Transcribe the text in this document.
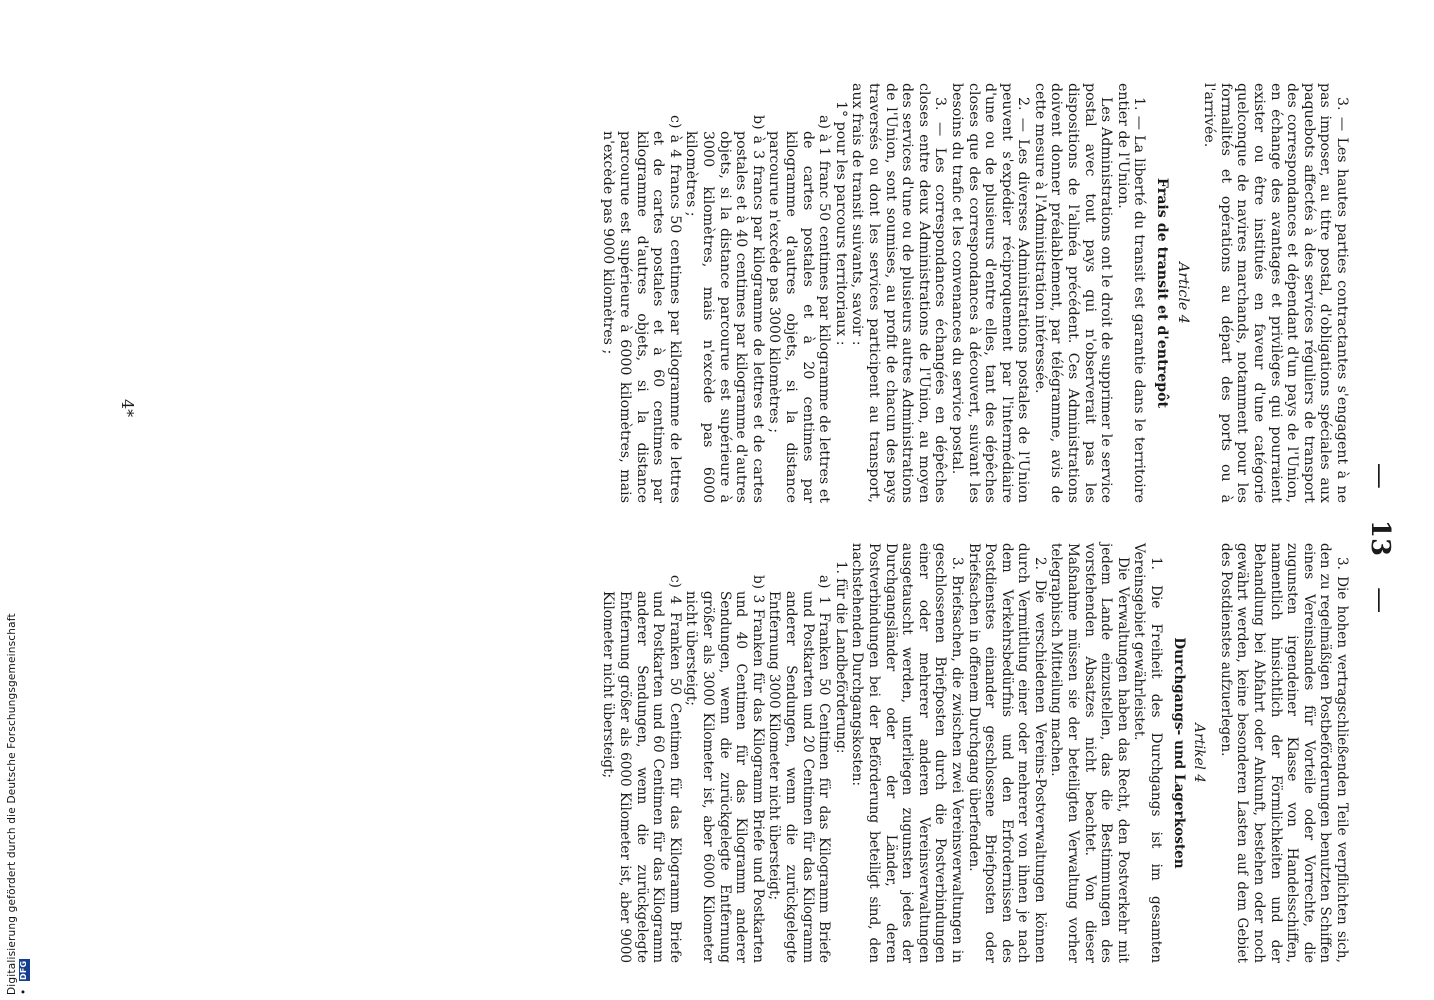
— 13 —

3. — Les hautes parties contractantes s'engagent à ne pas imposer, au titre postal, d'obligations spéciales aux paquebots affectés à des services réguliers de transport des correspondances et dépendant d'un pays de l'Union, en échange des avantages et privilèges qui pourraient exister ou être institués en faveur d'une catégorie quelconque de navires marchands, notamment pour les formalités et opérations au départ des ports ou à l'arrivée.

Article 4

Frais de transit et d'entrepôt

1. — La liberté du transit est garantie dans le territoire entier de l'Union.

Les Administrations ont le droit de supprimer le service postal avec tout pays qui n'observerait pas les dispositions de l'alinéa précédent. Ces Administrations doivent donner préalablement, par télégramme, avis de cette mesure à l'Administration intéressée.

2. — Les diverses Administrations postales de l'Union peuvent s'expédier réciproquement par l'intermédiaire d'une ou de plusieurs d'entre elles, tant des dépêches closes que des correspondances à découvert, suivant les besoins du trafic et les convenances du service postal.

3. — Les correspondances échangées en dépêches closes entre deux Administrations de l'Union, au moyen des services d'une ou de plusieurs autres Administrations de l'Union, sont soumises, au profit de chacun des pays traversés ou dont les services participent au transport, aux frais de transit suivants, savoir :

1° pour les parcours territoriaux :

a) à 1 franc 50 centimes par kilogramme de lettres et de cartes postales et à 20 centimes par kilogramme d'autres objets, si la distance parcourue n'excède pas 3000 kilomètres ;

b) à 3 francs par kilogramme de lettres et de cartes postales et à 40 centimes par kilogramme d'autres objets, si la distance parcourue est supérieure à 3000 kilomètres, mais n'excède pas 6000 kilomètres ;

c) à 4 francs 50 centimes par kilogramme de lettres et de cartes postales et à 60 centimes par kilogramme d'autres objets, si la distance parcourue est supérieure à 6000 kilomètres, mais n'excède pas 9000 kilomètres ;

3. Die hohen vertragschließenden Teile verpflichten sich, den zu regelmäßigen Postbeförderungen benutzten Schiffen eines Vereinslandes für Vorteile oder Vorrechte, die zugunsten irgendeiner Klasse von Handelsschiffen, namentlich hinsichtlich der Förmlichkeiten und der Behandlung bei Abfahrt oder Ankunft, bestehen oder noch gewährt werden, keine besonderen Lasten auf dem Gebiet des Postdienstes aufzuerlegen.

Artikel 4

Durchgangs- und Lagerkosten

1. Die Freiheit des Durchgangs ist im gesamten Vereinsgebiet gewährleistet.

Die Verwaltungen haben das Recht, den Postverkehr mit jedem Lande einzustellen, das die Bestimmungen des vorstehenden Absatzes nicht beachtet. Von dieser Maßnahme müssen sie der beteiligten Verwaltung vorher telegraphisch Mitteilung machen.

2. Die verschiedenen Vereins-Postverwaltungen können durch Vermittlung einer oder mehrerer von ihnen je nach dem Verkehrsbedürfnis und den Erfordernissen des Postdienstes einander geschlossene Briefposten oder Briefsachen in offenem Durchgang überfenden.

3. Briefsachen, die zwischen zwei Vereinsverwaltungen in geschlossenen Briefposten durch die Postverbindungen einer oder mehrerer anderen Vereinsverwaltungen ausgetauscht werden, unterliegen zugunsten jedes der Durchgangsländer oder der Länder, deren Postverbindungen bei der Beförderung beteiligt sind, den nachstehenden Durchgangskosten:

1. für die Landbeförderung:

a) 1 Franken 50 Centimen für das Kilogramm Briefe und Postkarten und 20 Centimen für das Kilogramm anderer Sendungen, wenn die zurückgelegte Entfernung 3000 Kilometer nicht übersteigt;

b) 3 Franken für das Kilogramm Briefe und Postkarten und 40 Centimen für das Kilogramm anderer Sendungen, wenn die zurückgelegte Entfernung größer als 3000 Kilometer ist, aber 6000 Kilometer nicht übersteigt;

c) 4 Franken 50 Centimen für das Kilogramm Briefe und Postkarten und 60 Centimen für das Kilogramm anderer Sendungen, wenn die zurückgelegte Entfernung größer als 6000 Kilometer ist, aber 9000 Kilometer nicht übersteigt;

4*
Digitalisierung gefördert durch die Deutsche Forschungsgemeinschaft • DFG
